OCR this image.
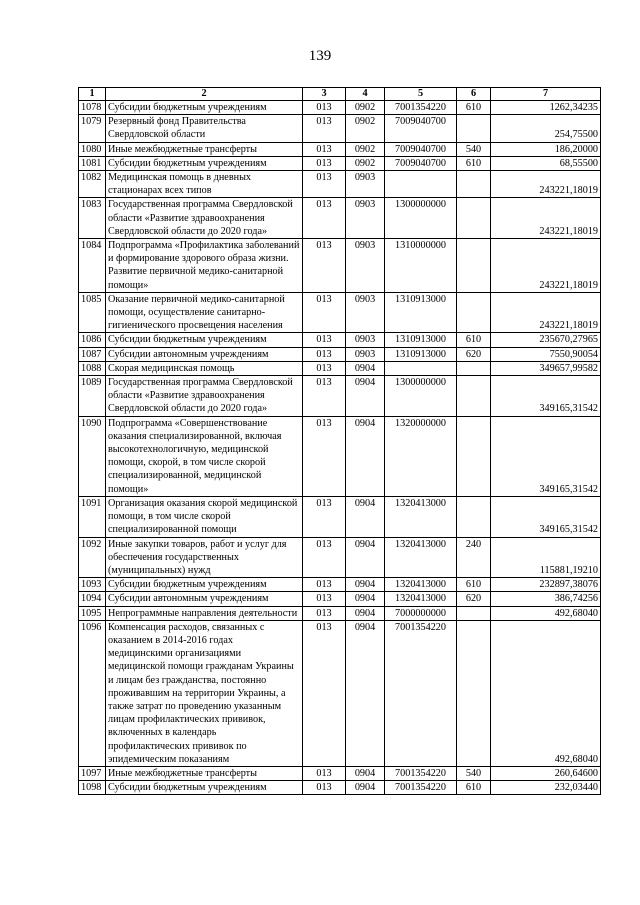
139
1	2	3	4	5	6	7
1078	Субсидии бюджетным учреждениям	013	0902	7001354220	610	1262,34235
1079	Резервный фонд Правительства Свердловской области	013	0902	7009040700		254,75500
1080	Иные межбюджетные трансферты	013	0902	7009040700	540	186,20000
1081	Субсидии бюджетным учреждениям	013	0902	7009040700	610	68,55500
1082	Медицинская помощь в дневных стационарах всех типов	013	0903			243221,18019
1083	Государственная программа Свердловской области «Развитие здравоохранения Свердловской области до 2020 года»	013	0903	1300000000		243221,18019
1084	Подпрограмма «Профилактика заболеваний и формирование здорового образа жизни. Развитие первичной медико-санитарной помощи»	013	0903	1310000000		243221,18019
1085	Оказание первичной медико-санитарной помощи, осуществление санитарно-гигиенического просвещения населения	013	0903	1310913000		243221,18019
1086	Субсидии бюджетным учреждениям	013	0903	1310913000	610	235670,27965
1087	Субсидии автономным учреждениям	013	0903	1310913000	620	7550,90054
1088	Скорая медицинская помощь	013	0904			349657,99582
1089	Государственная программа Свердловской области «Развитие здравоохранения Свердловской области до 2020 года»	013	0904	1300000000		349165,31542
1090	Подпрограмма «Совершенствование оказания специализированной, включая высокотехнологичную, медицинской помощи, скорой, в том числе скорой специализированной, медицинской помощи»	013	0904	1320000000		349165,31542
1091	Организация оказания скорой медицинской помощи, в том числе скорой специализированной помощи	013	0904	1320413000		349165,31542
1092	Иные закупки товаров, работ и услуг для обеспечения государственных (муниципальных) нужд	013	0904	1320413000	240	115881,19210
1093	Субсидии бюджетным учреждениям	013	0904	1320413000	610	232897,38076
1094	Субсидии автономным учреждениям	013	0904	1320413000	620	386,74256
1095	Непрограммные направления деятельности	013	0904	7000000000		492,68040
1096	Компенсация расходов, связанных с оказанием в 2014-2016 годах медицинскими организациями медицинской помощи гражданам Украины и лицам без гражданства, постоянно проживавшим на территории Украины, а также затрат по проведению указанным лицам профилактических прививок, включенных в календарь профилактических прививок по эпидемическим показаниям	013	0904	7001354220		492,68040
1097	Иные межбюджетные трансферты	013	0904	7001354220	540	260,64600
1098	Субсидии бюджетным учреждениям	013	0904	7001354220	610	232,03440
